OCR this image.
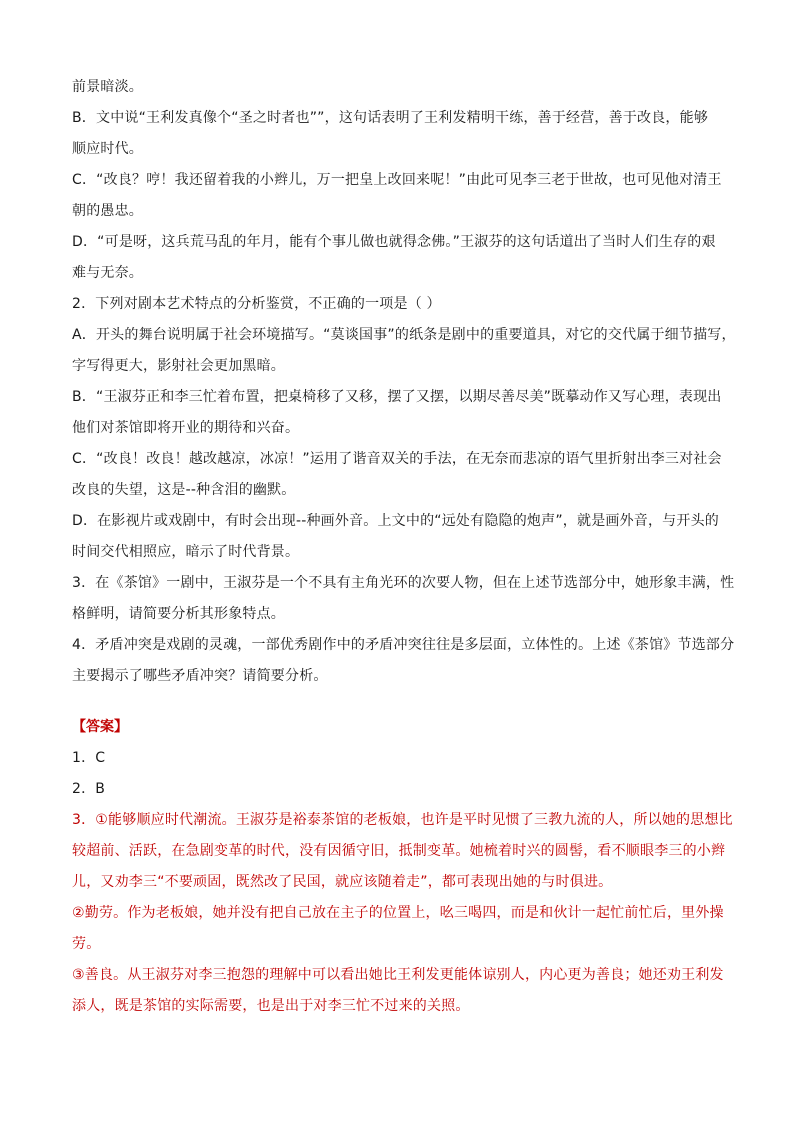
前景暗淡。

B．文中说“王利发真像个“圣之时者也””，这句话表明了王利发精明干练，善于经营，善于改良，能够
顺应时代。

C．“改良？哼！我还留着我的小辫儿，万一把皇上改回来呢！”由此可见李三老于世故，也可见他对清王
朝的愚忠。

D．“可是呀，这兵荒马乱的年月，能有个事儿做也就得念佛。”王淑芬的这句话道出了当时人们生存的艰
难与无奈。

2．下列对剧本艺术特点的分析鉴赏，不正确的一项是（ ）

A．开头的舞台说明属于社会环境描写。“莫谈国事”的纸条是剧中的重要道具，对它的交代属于细节描写，
字写得更大，影射社会更加黑暗。

B．“王淑芬正和李三忙着布置，把桌椅移了又移，摆了又摆，以期尽善尽美”既摹动作又写心理，表现出
他们对茶馆即将开业的期待和兴奋。

C．“改良！改良！越改越凉，冰凉！”运用了谐音双关的手法，在无奈而悲凉的语气里折射出李三对社会
改良的失望，这是--种含泪的幽默。

D．在影视片或戏剧中，有时会出现--种画外音。上文中的“远处有隐隐的炮声”，就是画外音，与开头的
时间交代相照应，暗示了时代背景。

3．在《茶馆》一剧中，王淑芬是一个不具有主角光环的次要人物，但在上述节选部分中，她形象丰满，性
格鲜明，请简要分析其形象特点。

4．矛盾冲突是戏剧的灵魂，一部优秀剧作中的矛盾冲突往往是多层面，立体性的。上述《茶馆》节选部分
主要揭示了哪些矛盾冲突？请简要分析。

【答案】

1．C

2．B

3．①能够顺应时代潮流。王淑芬是裕泰茶馆的老板娘，也许是平时见惯了三教九流的人，所以她的思想比
较超前、活跃，在急剧变革的时代，没有因循守旧，抵制变革。她梳着时兴的圆髻，看不顺眼李三的小辫
儿，又劝李三“不要顽固，既然改了民国，就应该随着走”，都可表现出她的与时俱进。

②勤劳。作为老板娘，她并没有把自己放在主子的位置上，吆三喝四，而是和伙计一起忙前忙后，里外操
劳。

③善良。从王淑芬对李三抱怨的理解中可以看出她比王利发更能体谅别人，内心更为善良；她还劝王利发
添人，既是茶馆的实际需要，也是出于对李三忙不过来的关照。
